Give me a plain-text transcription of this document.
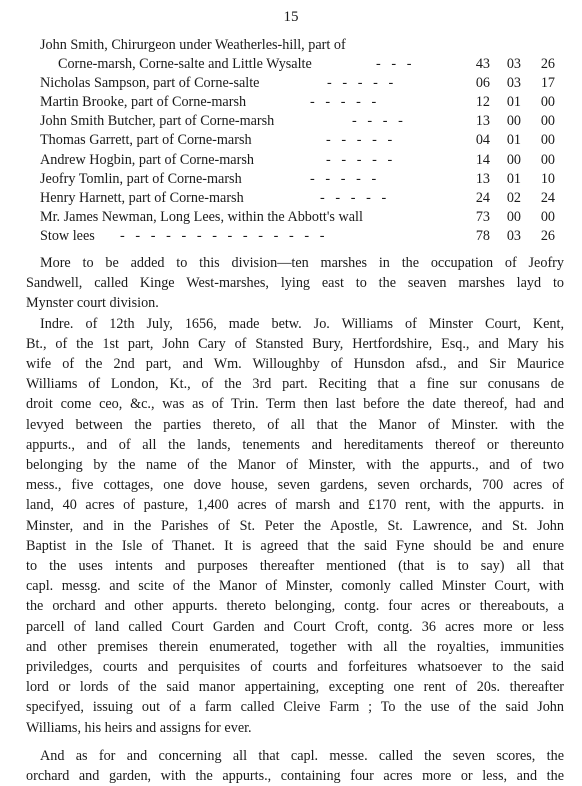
15
John Smith, Chirurgeon under Weatherles-hill, part of
Corne-marsh, Corne-salte and Little Wysalte	-   -   -	43	03	26
Nicholas Sampson, part of Corne-salte	-   -   -   -   -	06	03	17
Martin Brooke, part of Corne-marsh	-   -   -   -   -	12	01	00
John Smith Butcher, part of Corne-marsh	-   -   -   -	13	00	00
Thomas Garrett, part of Corne-marsh	-   -   -   -   -	04	01	00
Andrew Hogbin, part of Corne-marsh	-   -   -   -   -	14	00	00
Jeofry Tomlin, part of Corne-marsh	-   -   -   -   -	13	01	10
Henry Harnett, part of Corne-marsh	-   -   -   -   -	24	02	24
Mr. James Newman, Long Lees, within the Abbott's wall	73	00	00
Stow lees -   -   -   -   -   -   -   -   -   -   -   -   -   -	78	03	26
More to be added to this division—ten marshes in the occupation of Jeofry
Sandwell, called Kinge West-marshes, lying east to the seaven marshes layd to
Mynster court division.
Indre. of 12th July, 1656, made betw. Jo. Williams of Minster Court, Kent,
Bt., of the 1st part, John Cary of Stansted Bury, Hertfordshire, Esq., and Mary his
wife of the 2nd part, and Wm. Willoughby of Hunsdon afsd., and Sir Maurice
Williams of London, Kt., of the 3rd part. Reciting that a fine sur conusans de
droit come ceo, &c., was as of Trin. Term then last before the date thereof, had and
levyed between the parties thereto, of all that the Manor of Minster. with the
appurts., and of all the lands, tenements and hereditaments thereof or thereunto
belonging by the name of the Manor of Minster, with the appurts., and of two
mess., five cottages, one dove house, seven gardens, seven orchards, 700 acres of
land, 40 acres of pasture, 1,400 acres of marsh and £170 rent, with the appurts. in
Minster, and in the Parishes of St. Peter the Apostle, St. Lawrence, and St. John
Baptist in the Isle of Thanet. It is agreed that the said Fyne should be and enure
to the uses intents and purposes thereafter mentioned (that is to say) all that
capl. messg. and scite of the Manor of Minster, comonly called Minster Court, with
the orchard and other appurts. thereto belonging, contg. four acres or thereabouts, a
parcell of land called Court Garden and Court Croft, contg. 36 acres more or less
and other premises therein enumerated, together with all the royalties, immunities
priviledges, courts and perquisites of courts and forfeitures whatsoever to the said
lord or lords of the said manor appertaining, excepting one rent of 20s. thereafter
specifyed, issuing out of a farm called Cleive Farm ; To the use of the said John
Williams, his heirs and assigns for ever.
And as for and concerning all that capl. messe. called the seven scores, the
orchard and garden, with the appurts., containing four acres more or less, and the
